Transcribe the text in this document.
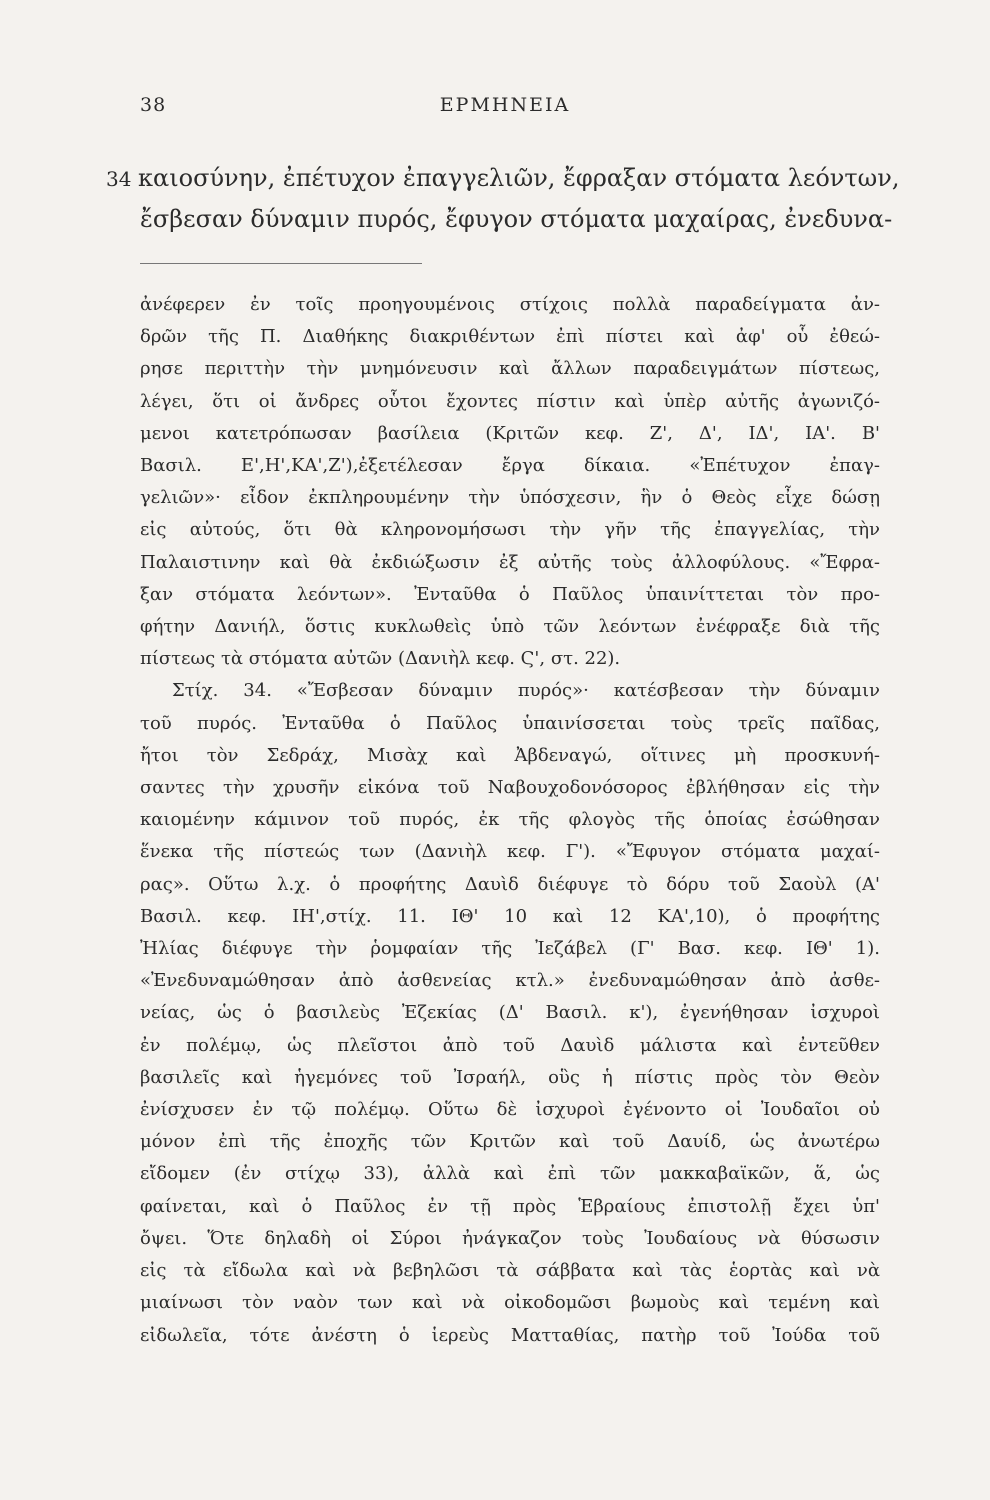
38	ΕΡΜΗΝΕΙΑ
34 καιοσύνην, ἐπέτυχον ἐπαγγελιῶν, ἔφραξαν στόματα λεόντων,
ἔσβεσαν δύναμιν πυρός, ἔφυγον στόματα μαχαίρας, ἐνεδυνα-
ἀνέφερεν ἐν τοῖς προηγουμένοις στίχοις πολλὰ παραδείγματα ἀν-
δρῶν τῆς Π. Διαθήκης διακριθέντων ἐπὶ πίστει καὶ ἀφ' οὗ ἐθεώ-
ρησε περιττὴν τὴν μνημόνευσιν καὶ ἄλλων παραδειγμάτων πίστεως,
λέγει, ὅτι οἱ ἄνδρες οὗτοι ἔχοντες πίστιν καὶ ὑπὲρ αὐτῆς ἀγωνιζό-
μενοι κατετρόπωσαν βασίλεια (Κριτῶν κεφ. Ζ', Δ', ΙΔ', ΙΑ'. Β'
Βασιλ. Ε',Η',ΚΑ',Ζ'),ἐξετέλεσαν ἔργα δίκαια. «Ἐπέτυχον ἐπαγ-
γελιῶν»· εἶδον ἐκπληρουμένην τὴν ὑπόσχεσιν, ἣν ὁ Θεὸς εἶχε δώσῃ
εἰς αὐτούς, ὅτι θὰ κληρονομήσωσι τὴν γῆν τῆς ἐπαγγελίας, τὴν
Παλαιστινην καὶ θὰ ἐκδιώξωσιν ἐξ αὐτῆς τοὺς ἀλλοφύλους. «Ἔφρα-
ξαν στόματα λεόντων». Ἐνταῦθα ὁ Παῦλος ὑπαινίττεται τὸν προ-
φήτην Δανιήλ, ὅστις κυκλωθεὶς ὑπὸ τῶν λεόντων ἐνέφραξε διὰ τῆς
πίστεως τὰ στόματα αὐτῶν (Δανιὴλ κεφ. Ϛ', στ. 22).
Στίχ. 34. «Ἔσβεσαν δύναμιν πυρός»· κατέσβεσαν τὴν δύναμιν
τοῦ πυρός. Ἐνταῦθα ὁ Παῦλος ὑπαινίσσεται τοὺς τρεῖς παῖδας,
ἤτοι τὸν Σεδράχ, Μισὰχ καὶ Ἀβδεναγώ, οἵτινες μὴ προσκυνή-
σαντες τὴν χρυσῆν εἰκόνα τοῦ Ναβουχοδονόσορος ἐβλήθησαν εἰς τὴν
καιομένην κάμινον τοῦ πυρός, ἐκ τῆς φλογὸς τῆς ὁποίας ἐσώθησαν
ἕνεκα τῆς πίστεώς των (Δανιὴλ κεφ. Γ'). «Ἔφυγον στόματα μαχαί-
ρας». Οὕτω λ.χ. ὁ προφήτης Δαυὶδ διέφυγε τὸ δόρυ τοῦ Σαοὺλ (Α'
Βασιλ. κεφ. ΙΗ',στίχ. 11. ΙΘ' 10 καὶ 12 ΚΑ',10), ὁ προφήτης
Ἠλίας διέφυγε τὴν ῥομφαίαν τῆς Ἰεζάβελ (Γ' Βασ. κεφ. ΙΘ' 1).
«Ἐνεδυναμώθησαν ἀπὸ ἀσθενείας κτλ.» ἐνεδυναμώθησαν ἀπὸ ἀσθε-
νείας, ὡς ὁ βασιλεὺς Ἐζεκίας (Δ' Βασιλ. κ'), ἐγενήθησαν ἰσχυροὶ
ἐν πολέμῳ, ὡς πλεῖστοι ἀπὸ τοῦ Δαυὶδ μάλιστα καὶ ἐντεῦθεν
βασιλεῖς καὶ ἡγεμόνες τοῦ Ἰσραήλ, οὓς ἡ πίστις πρὸς τὸν Θεὸν
ἐνίσχυσεν ἐν τῷ πολέμῳ. Οὕτω δὲ ἰσχυροὶ ἐγένοντο οἱ Ἰουδαῖοι οὐ
μόνον ἐπὶ τῆς ἐποχῆς τῶν Κριτῶν καὶ τοῦ Δαυίδ, ὡς ἀνωτέρω
εἴδομεν (ἐν στίχῳ 33), ἀλλὰ καὶ ἐπὶ τῶν μακκαβαϊκῶν, ἅ, ὡς
φαίνεται, καὶ ὁ Παῦλος ἐν τῇ πρὸς Ἑβραίους ἐπιστολῇ ἔχει ὑπ'
ὄψει. Ὅτε δηλαδὴ οἱ Σύροι ἠνάγκαζον τοὺς Ἰουδαίους νὰ θύσωσιν
εἰς τὰ εἴδωλα καὶ νὰ βεβηλῶσι τὰ σάββατα καὶ τὰς ἑορτὰς καὶ νὰ
μιαίνωσι τὸν ναὸν των καὶ νὰ οἰκοδομῶσι βωμοὺς καὶ τεμένη καὶ
εἰδωλεῖα, τότε ἀνέστη ὁ ἱερεὺς Ματταθίας, πατὴρ τοῦ Ἰούδα τοῦ
